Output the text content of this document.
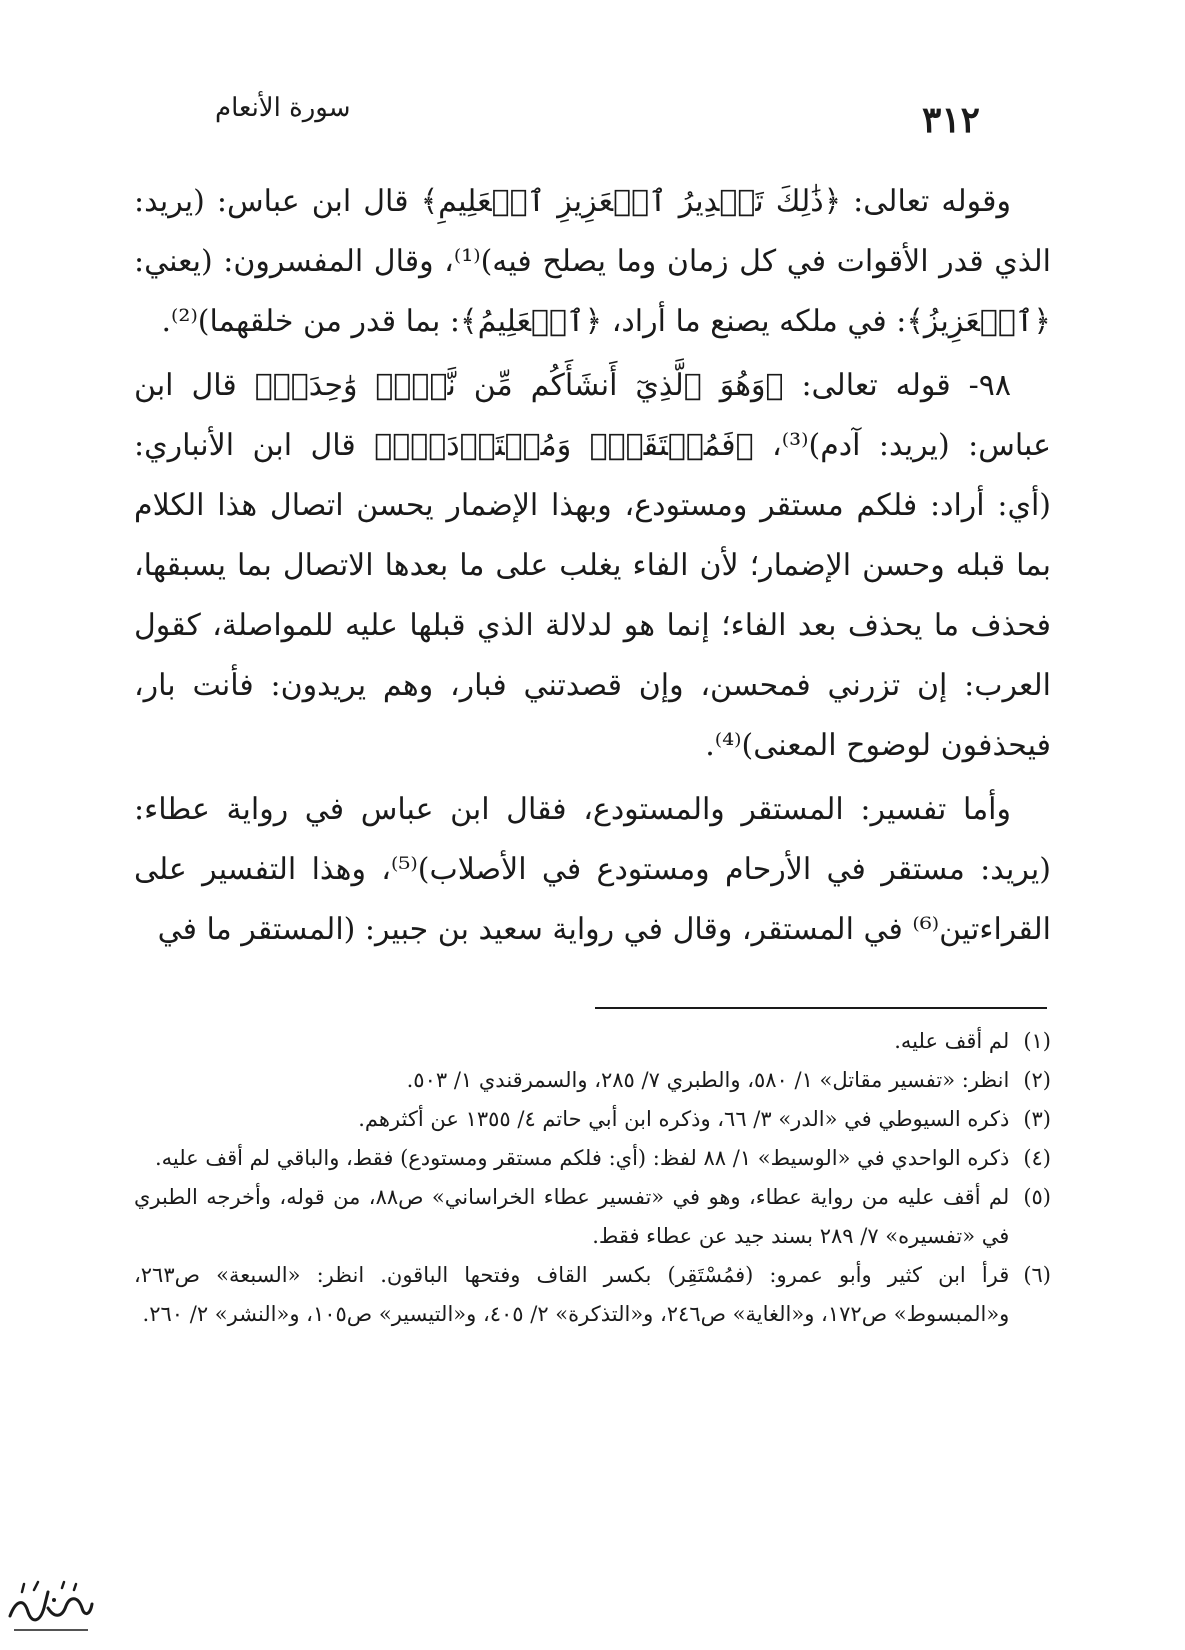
٣١٢
سورة الأنعام

وقوله تعالى: ﴿ذَٰلِكَ تَقۡدِيرُ ٱلۡعَزِيزِ ٱلۡعَلِيمِ﴾ قال ابن عباس: (يريد: الذي قدر الأقوات في كل زمان وما يصلح فيه)⁽¹⁾، وقال المفسرون: (يعني: ﴿ٱلۡعَزِيزُ﴾: في ملكه يصنع ما أراد، ﴿ٱلۡعَلِيمُ﴾: بما قدر من خلقهما)⁽²⁾.

٩٨- قوله تعالى: ﴿وَهُوَ ٱلَّذِيٓ أَنشَأَكُم مِّن نَّفۡسٖ وَٰحِدَةٖ﴾ قال ابن عباس: (يريد: آدم)⁽³⁾، ﴿فَمُسۡتَقَرّٞ وَمُسۡتَوۡدَعٞۗ﴾ قال ابن الأنباري: (أي: أراد: فلكم مستقر ومستودع، وبهذا الإضمار يحسن اتصال هذا الكلام بما قبله وحسن الإضمار؛ لأن الفاء يغلب على ما بعدها الاتصال بما يسبقها، فحذف ما يحذف بعد الفاء؛ إنما هو لدلالة الذي قبلها عليه للمواصلة، كقول العرب: إن تزرني فمحسن، وإن قصدتني فبار، وهم يريدون: فأنت بار، فيحذفون لوضوح المعنى)⁽⁴⁾.

وأما تفسير: المستقر والمستودع، فقال ابن عباس في رواية عطاء: (يريد: مستقر في الأرحام ومستودع في الأصلاب)⁽⁵⁾، وهذا التفسير على القراءتين⁽⁶⁾ في المستقر، وقال في رواية سعيد بن جبير: (المستقر ما في

(١)
لم أقف عليه.
(٢)
انظر: «تفسير مقاتل» ١/ ٥٨٠، والطبري ٧/ ٢٨٥، والسمرقندي ١/ ٥٠٣.
(٣)
ذكره السيوطي في «الدر» ٣/ ٦٦، وذكره ابن أبي حاتم ٤/ ١٣٥٥ عن أكثرهم.
(٤)
ذكره الواحدي في «الوسيط» ١/ ٨٨ لفظ: (أي: فلكم مستقر ومستودع) فقط، والباقي لم أقف عليه.
(٥)
لم أقف عليه من رواية عطاء، وهو في «تفسير عطاء الخراساني» ص٨٨، من قوله، وأخرجه الطبري في «تفسيره» ٧/ ٢٨٩ بسند جيد عن عطاء فقط.
(٦)
قرأ ابن كثير وأبو عمرو: (فمُسْتَقِر) بكسر القاف وفتحها الباقون. انظر: «السبعة» ص٢٦٣، و«المبسوط» ص١٧٢، و«الغاية» ص٢٤٦، و«التذكرة» ٢/ ٤٠٥، و«التيسير» ص١٠٥، و«النشر» ٢/ ٢٦٠.
